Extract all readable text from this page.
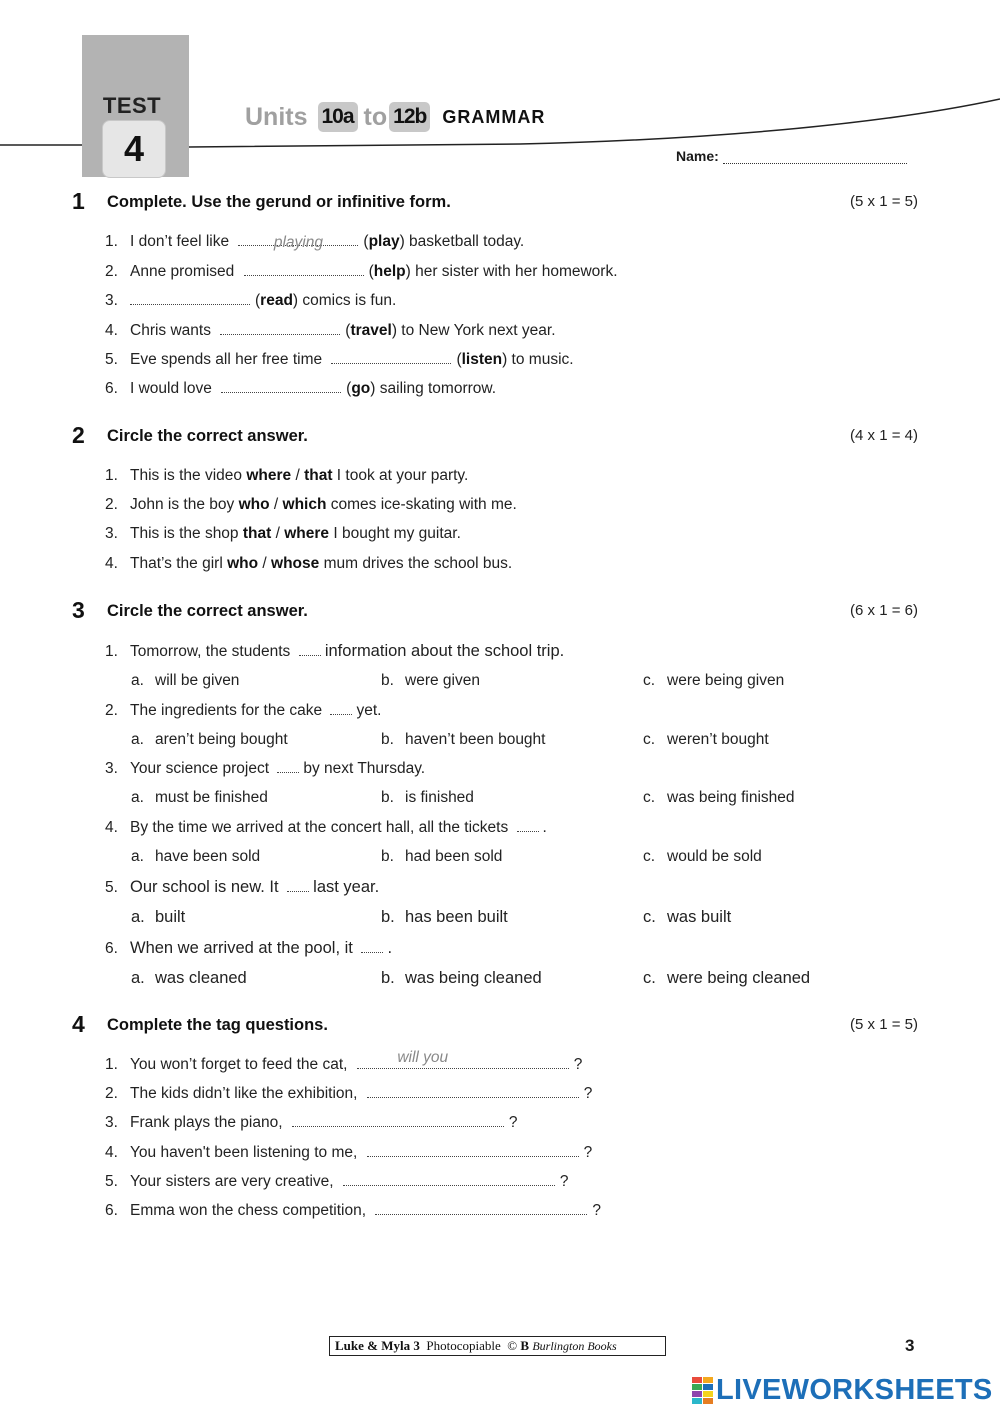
TEST
4
Units 10a to 12b GRAMMAR
Name:
1 Complete. Use the gerund or infinitive form.	(5 x 1 = 5)
1. I don’t feel like	playing	(play) basketball today.
2. Anne promised	(help) her sister with her homework.
3.	(read) comics is fun.
4. Chris wants	(travel) to New York next year.
5. Eve spends all her free time	(listen) to music.
6. I would love	(go) sailing tomorrow.
2 Circle the correct answer.	(4 x 1 = 4)
1. This is the video where / that I took at your party.
2. John is the boy who / which comes ice-skating with me.
3. This is the shop that / where I bought my guitar.
4. That’s the girl who / whose mum drives the school bus.
3 Circle the correct answer.	(6 x 1 = 6)
1. Tomorrow, the students information about the school trip.
a. will be given	b. were given	c. were being given
2. The ingredients for the cake yet.
a. aren’t being bought	b. haven’t been bought	c. weren’t bought
3. Your science project by next Thursday.
a. must be finished	b. is finished	c. was being finished
4. By the time we arrived at the concert hall, all the tickets .
a. have been sold	b. had been sold	c. would be sold
5. Our school is new. It last year.
a. built	b. has been built	c. was built
6. When we arrived at the pool, it .
a. was cleaned	b. was being cleaned	c. were being cleaned
4 Complete the tag questions.	(5 x 1 = 5)
1. You won’t forget to feed the cat,	will you	?
2. The kids didn’t like the exhibition,	?
3. Frank plays the piano,	?
4. You haven't been listening to me,	?
5. Your sisters are very creative,	?
6. Emma won the chess competition,	?
Luke & Myla 3 Photocopiable © B Burlington Books	3
LIVEWORKSHEETS
